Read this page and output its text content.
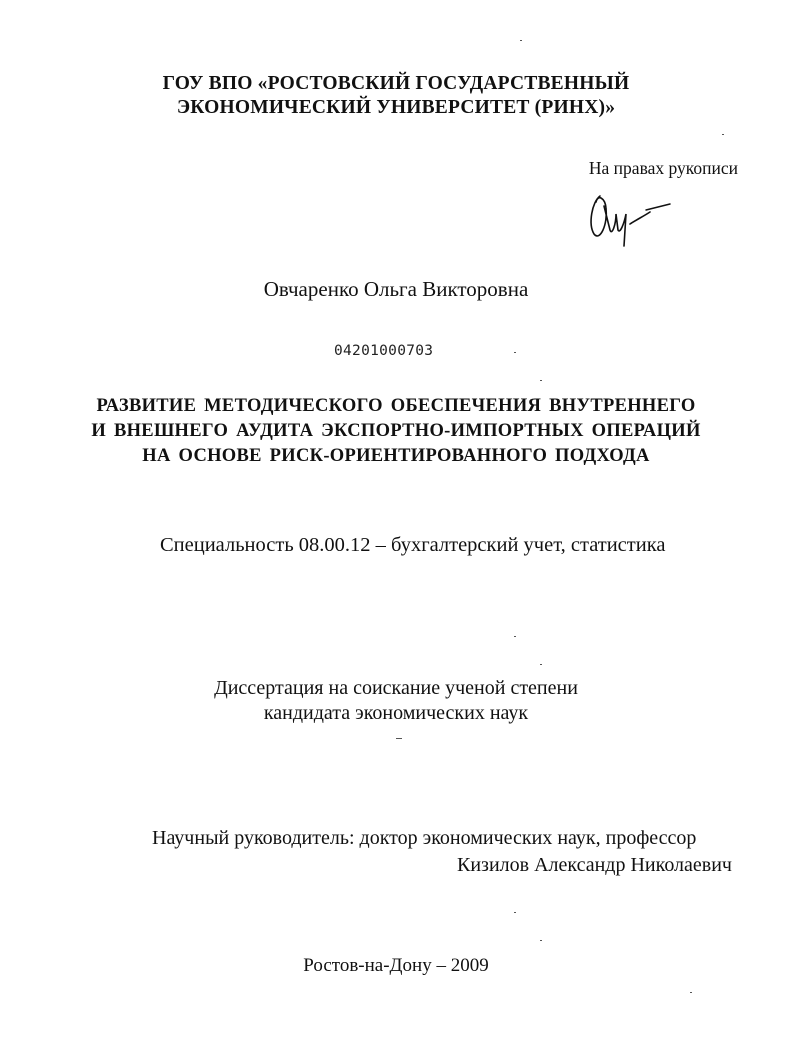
ГОУ ВПО «РОСТОВСКИЙ ГОСУДАРСТВЕННЫЙ
ЭКОНОМИЧЕСКИЙ УНИВЕРСИТЕТ (РИНХ)»
На правах рукописи
Овчаренко Ольга Викторовна
04201000703
РАЗВИТИЕ МЕТОДИЧЕСКОГО ОБЕСПЕЧЕНИЯ ВНУТРЕННЕГО
И ВНЕШНЕГО АУДИТА ЭКСПОРТНО-ИМПОРТНЫХ ОПЕРАЦИЙ
НА ОСНОВЕ РИСК-ОРИЕНТИРОВАННОГО ПОДХОДА
Специальность 08.00.12 – бухгалтерский учет, статистика
Диссертация на соискание ученой степени
кандидата экономических наук
Научный руководитель: доктор экономических наук, профессор
Кизилов Александр Николаевич
Ростов-на-Дону – 2009
